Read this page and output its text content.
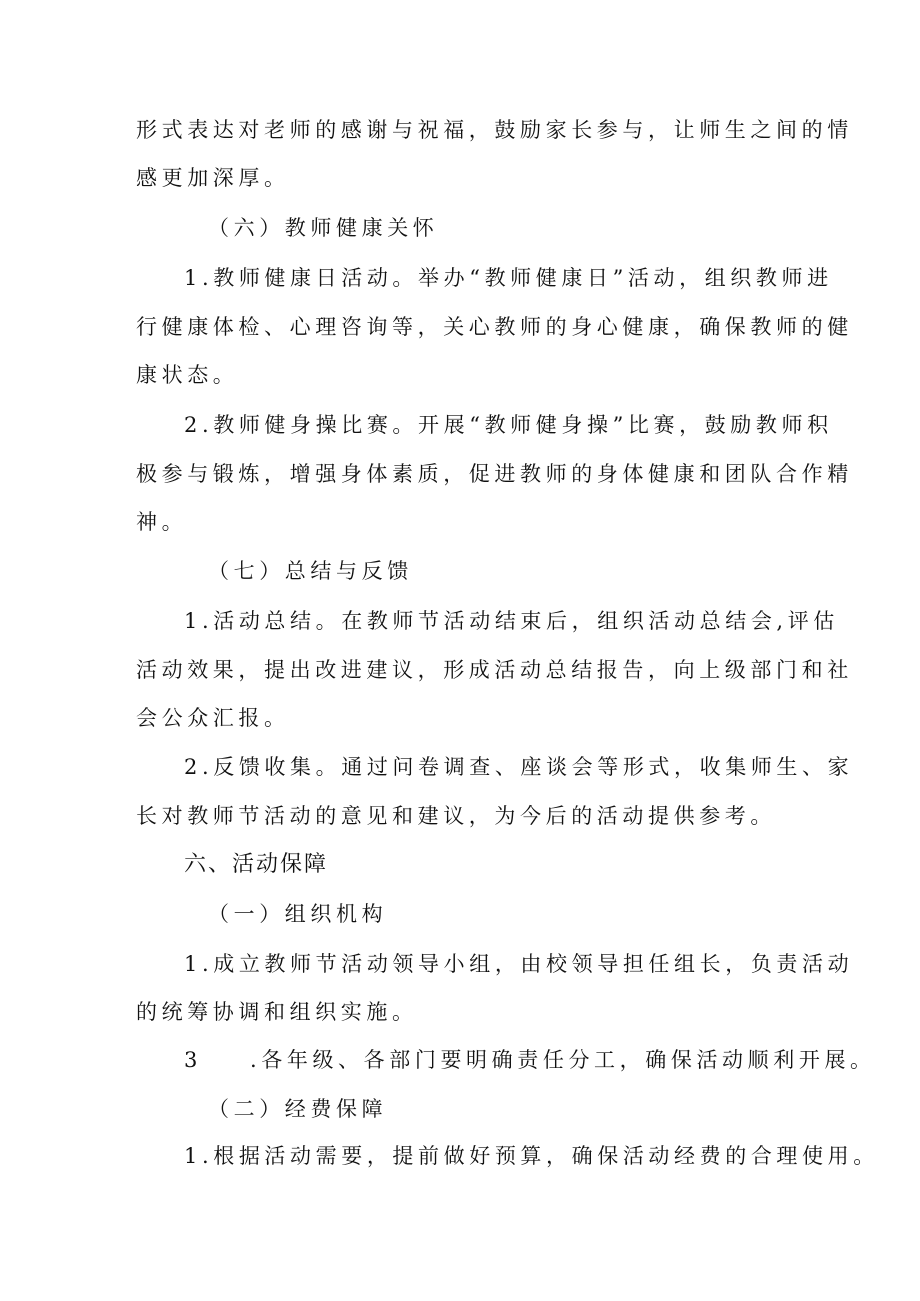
形式表达对老师的感谢与祝福，鼓励家长参与，让师生之间的情
感更加深厚。
（六）教师健康关怀
1.教师健康日活动。举办“教师健康日”活动，组织教师进
行健康体检、心理咨询等，关心教师的身心健康，确保教师的健
康状态。
2.教师健身操比赛。开展“教师健身操”比赛，鼓励教师积
极参与锻炼，增强身体素质，促进教师的身体健康和团队合作精
神。
（七）总结与反馈
1.活动总结。在教师节活动结束后，组织活动总结会,评估
活动效果，提出改进建议，形成活动总结报告，向上级部门和社
会公众汇报。
2.反馈收集。通过问卷调查、座谈会等形式，收集师生、家
长对教师节活动的意见和建议，为今后的活动提供参考。
六、活动保障
（一）组织机构
1.成立教师节活动领导小组，由校领导担任组长，负责活动
的统筹协调和组织实施。
3 .各年级、各部门要明确责任分工，确保活动顺利开展。
（二）经费保障
1.根据活动需要，提前做好预算，确保活动经费的合理使用。
